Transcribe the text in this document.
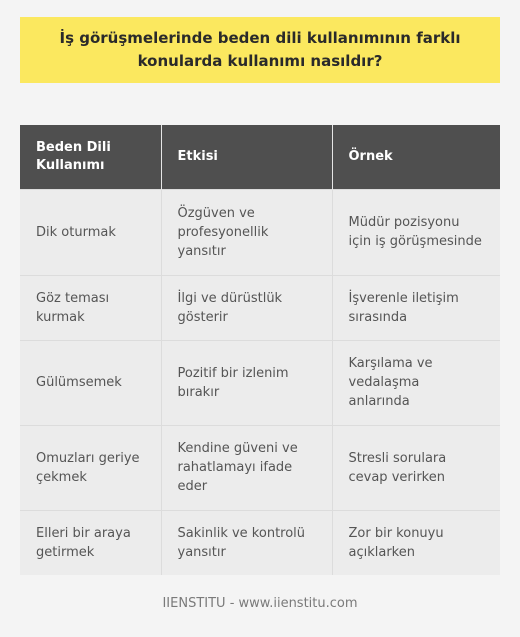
İş görüşmelerinde beden dili kullanımının farklı konularda kullanımı nasıldır?
Beden Dili Kullanımı	Etkisi	Örnek
Dik oturmak	Özgüven ve profesyonellik yansıtır	Müdür pozisyonu için iş görüşmesinde
Göz teması kurmak	İlgi ve dürüstlük gösterir	İşverenle iletişim sırasında
Gülümsemek	Pozitif bir izlenim bırakır	Karşılama ve vedalaşma anlarında
Omuzları geriye çekmek	Kendine güveni ve rahatlamayı ifade eder	Stresli sorulara cevap verirken
Elleri bir araya getirmek	Sakinlik ve kontrolü yansıtır	Zor bir konuyu açıklarken
IIENSTITU - www.iienstitu.com
